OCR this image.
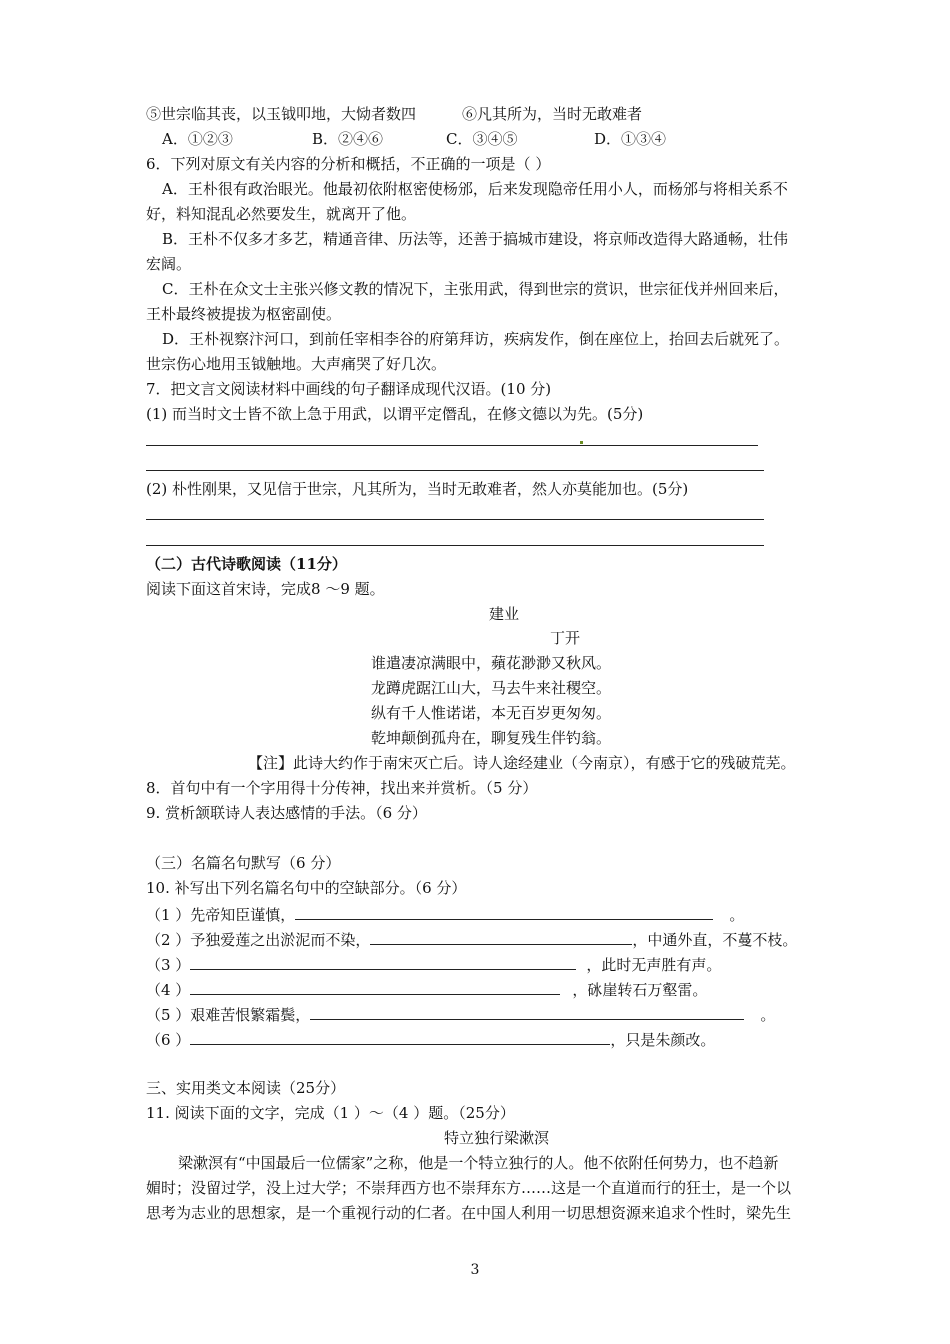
⑤世宗临其丧，以玉钺叩地，大恸者数四	⑥凡其所为，当时无敢难者
A．①②③	B．②④⑥	C．③④⑤	D．①③④
6．下列对原文有关内容的分析和概括，不正确的一项是（ ）
A．王朴很有政治眼光。他最初依附枢密使杨邠，后来发现隐帝任用小人，而杨邠与将相关系不
好，料知混乱必然要发生，就离开了他。
B．王朴不仅多才多艺，精通音律、历法等，还善于搞城市建设，将京师改造得大路通畅，壮伟
宏阔。
C．王朴在众文士主张兴修文教的情况下，主张用武，得到世宗的赏识，世宗征伐并州回来后，
王朴最终被提拔为枢密副使。
D．王朴视察汴河口，到前任宰相李谷的府第拜访，疾病发作，倒在座位上，抬回去后就死了。
世宗伤心地用玉钺触地。大声痛哭了好几次。
7．把文言文阅读材料中画线的句子翻译成现代汉语。(10 分)
(1) 而当时文士皆不欲上急于用武，以谓平定僭乱，在修文德以为先。(5分)
(2) 朴性刚果，又见信于世宗，凡其所为，当时无敢难者，然人亦莫能加也。(5分)
（二）古代诗歌阅读（11分）
阅读下面这首宋诗，完成8 ～9 题。
建业
丁开
谁遣凄凉满眼中，蘋花渺渺又秋风。
龙蹲虎踞江山大，马去牛来社稷空。
纵有千人惟诺诺，本无百岁更匆匆。
乾坤颠倒孤舟在，聊复残生伴钓翁。
【注】此诗大约作于南宋灭亡后。诗人途经建业（今南京），有感于它的残破荒芜。
8．首句中有一个字用得十分传神，找出来并赏析。（5 分）
9. 赏析颔联诗人表达感情的手法。（6 分）
（三）名篇名句默写（6 分）
10. 补写出下列名篇名句中的空缺部分。（6 分）
（1 ）先帝知臣谨慎，	。
（2 ）予独爱莲之出淤泥而不染，	，中通外直，不蔓不枝。
（3 ）	，此时无声胜有声。
（4 ）	，砯崖转石万壑雷。
（5 ）艰难苦恨繁霜鬓，	。
（6 ）	，只是朱颜改。
三、实用类文本阅读（25分）
11. 阅读下面的文字，完成（1 ）～（4 ）题。（25分）
特立独行梁漱溟
梁漱溟有“中国最后一位儒家”之称，他是一个特立独行的人。他不依附任何势力，也不趋新
媚时；没留过学，没上过大学；不崇拜西方也不崇拜东方……这是一个直道而行的狂士，是一个以
思考为志业的思想家，是一个重视行动的仁者。在中国人利用一切思想资源来追求个性时，梁先生
3
